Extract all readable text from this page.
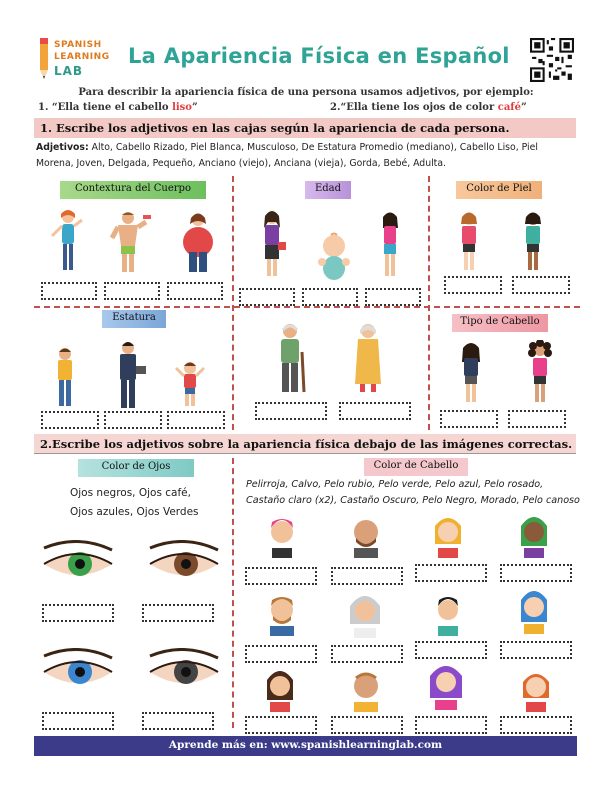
SPANISH
LEARNING
LAB
La Apariencia Física en Español
Para describir la apariencia física de una persona usamos adjetivos, por ejemplo:
1. “Ella tiene el cabello liso”	2.“Ella tiene los ojos de color café”
1. Escribe los adjetivos en las cajas según la apariencia de cada persona.
Adjetivos: Alto, Cabello Rizado, Piel Blanca, Musculoso, De Estatura Promedio (mediano), Cabello Liso, Piel Morena, Joven, Delgada, Pequeño, Anciano (viejo), Anciana (vieja), Gorda, Bebé, Adulta.
Contextura del Cuerpo	Edad	Color de Piel
Estatura	Tipo de Cabello
2.Escribe los adjetivos sobre la apariencia física debajo de las imágenes correctas.
Color de Ojos
Ojos negros, Ojos café,
Ojos azules, Ojos Verdes
Color de Cabello
Pelirroja, Calvo, Pelo rubio, Pelo verde, Pelo azul, Pelo rosado, Castaño claro (x2), Castaño Oscuro, Pelo Negro, Morado, Pelo canoso
Aprende más en: www.spanishlearninglab.com
